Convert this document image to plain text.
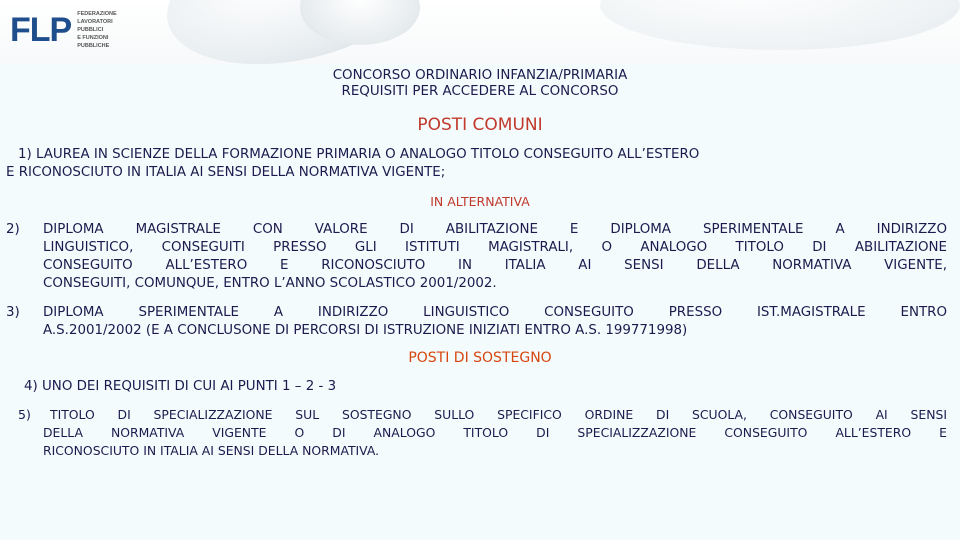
FLP FEDERAZIONE
LAVORATORI PUBBLICI
E FUNZIONI PUBBLICHE
CONCORSO ORDINARIO INFANZIA/PRIMARIA
REQUISITI PER ACCEDERE AL CONCORSO
POSTI COMUNI
1) LAUREA IN SCIENZE DELLA FORMAZIONE PRIMARIA O ANALOGO TITOLO CONSEGUITO ALL’ESTERO
E RICONOSCIUTO IN ITALIA AI SENSI DELLA NORMATIVA VIGENTE;
IN ALTERNATIVA
2) DIPLOMA MAGISTRALE CON VALORE DI ABILITAZIONE E DIPLOMA SPERIMENTALE A INDIRIZZO
LINGUISTICO, CONSEGUITI PRESSO GLI ISTITUTI MAGISTRALI, O ANALOGO TITOLO DI ABILITAZIONE
CONSEGUITO ALL’ESTERO E RICONOSCIUTO IN ITALIA AI SENSI DELLA NORMATIVA VIGENTE,
CONSEGUITI, COMUNQUE, ENTRO L’ANNO SCOLASTICO 2001/2002.
3) DIPLOMA SPERIMENTALE A INDIRIZZO LINGUISTICO CONSEGUITO PRESSO IST.MAGISTRALE ENTRO
A.S.2001/2002 (E A CONCLUSONE DI PERCORSI DI ISTRUZIONE INIZIATI ENTRO A.S. 199771998)
POSTI DI SOSTEGNO
4) UNO DEI REQUISITI DI CUI AI PUNTI 1 – 2 - 3
5) TITOLO DI SPECIALIZZAZIONE SUL SOSTEGNO SULLO SPECIFICO ORDINE DI SCUOLA, CONSEGUITO AI SENSI
DELLA NORMATIVA VIGENTE O DI ANALOGO TITOLO DI SPECIALIZZAZIONE CONSEGUITO ALL’ESTERO E
RICONOSCIUTO IN ITALIA AI SENSI DELLA NORMATIVA.
